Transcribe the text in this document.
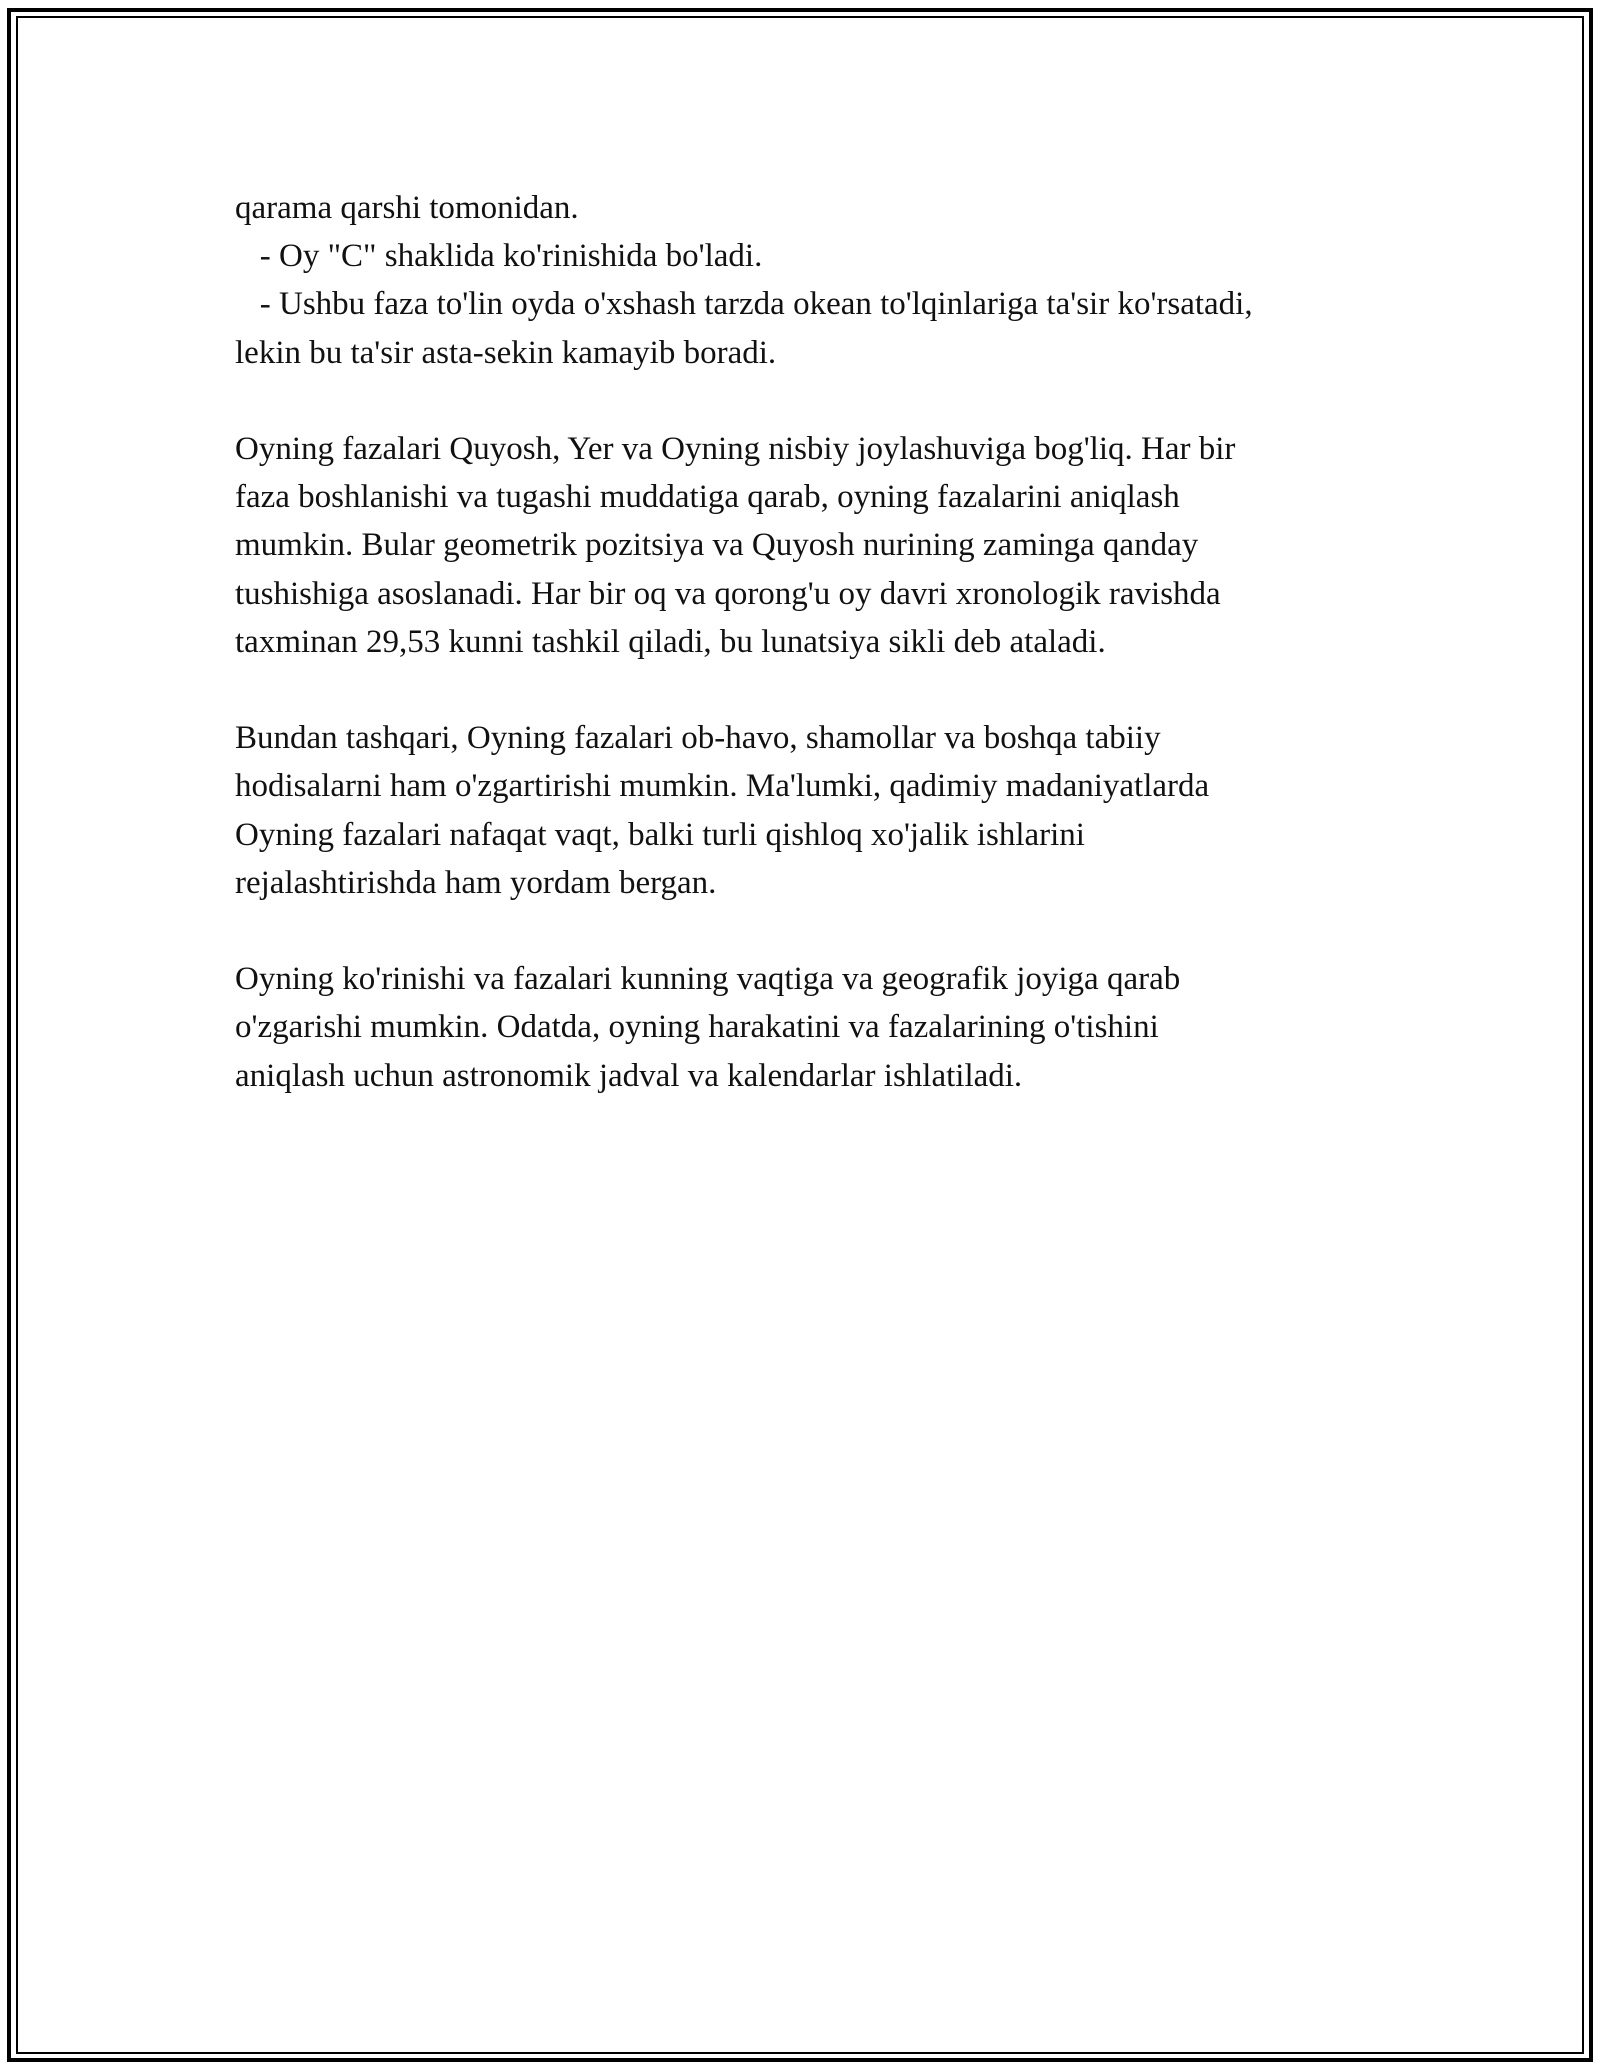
qarama qarshi tomonidan.
- Oy "C" shaklida ko'rinishida bo'ladi.
- Ushbu faza to'lin oyda o'xshash tarzda okean to'lqinlariga ta'sir ko'rsatadi,
lekin bu ta'sir asta-sekin kamayib boradi.
Oyning fazalari Quyosh, Yer va Oyning nisbiy joylashuviga bog'liq. Har bir
faza boshlanishi va tugashi muddatiga qarab, oyning fazalarini aniqlash
mumkin. Bular geometrik pozitsiya va Quyosh nurining zaminga qanday
tushishiga asoslanadi. Har bir oq va qorong'u oy davri xronologik ravishda
taxminan 29,53 kunni tashkil qiladi, bu lunatsiya sikli deb ataladi.
Bundan tashqari, Oyning fazalari ob-havo, shamollar va boshqa tabiiy
hodisalarni ham o'zgartirishi mumkin. Ma'lumki, qadimiy madaniyatlarda
Oyning fazalari nafaqat vaqt, balki turli qishloq xo'jalik ishlarini
rejalashtirishda ham yordam bergan.
Oyning ko'rinishi va fazalari kunning vaqtiga va geografik joyiga qarab
o'zgarishi mumkin. Odatda, oyning harakatini va fazalarining o'tishini
aniqlash uchun astronomik jadval va kalendarlar ishlatiladi.
